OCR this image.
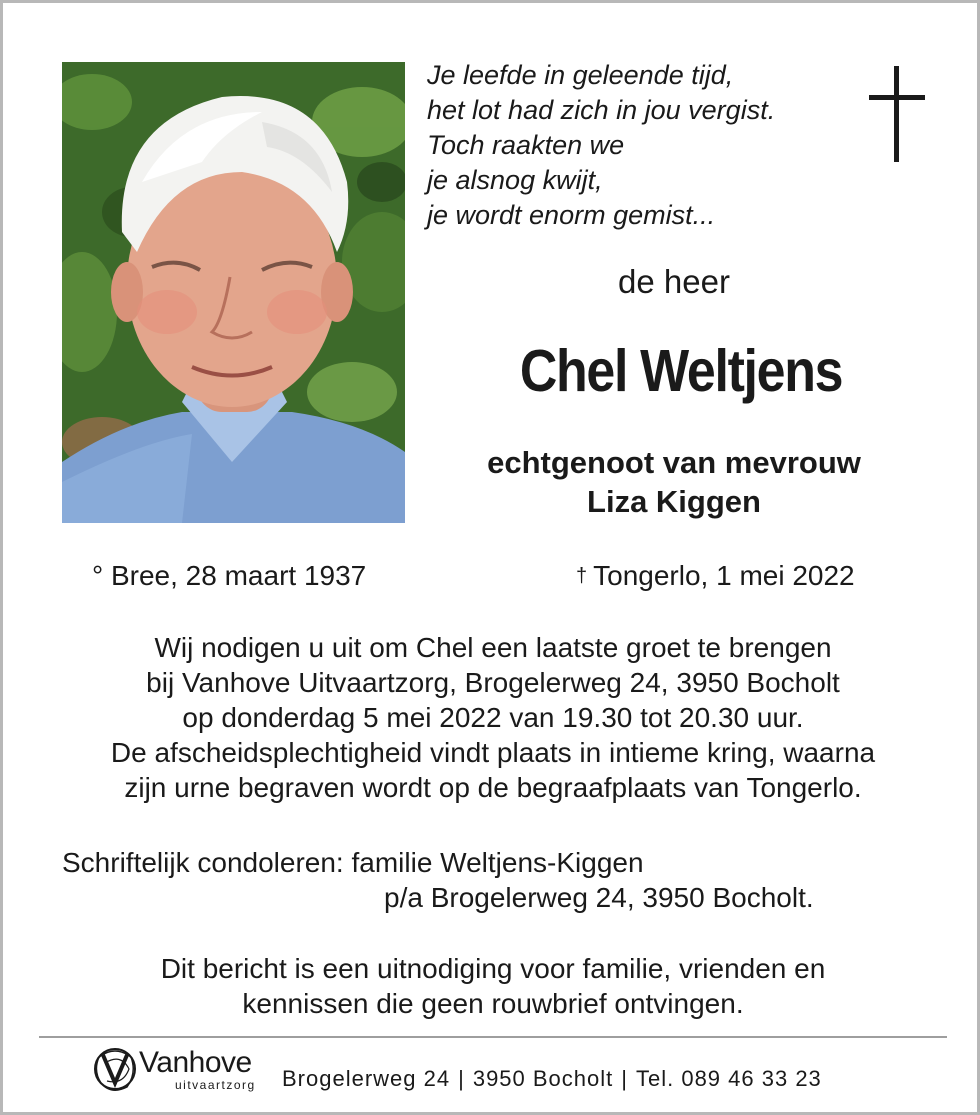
Je leefde in geleende tijd,
het lot had zich in jou vergist.
Toch raakten we
je alsnog kwijt,
je wordt enorm gemist...
de heer
Chel Weltjens
echtgenoot van mevrouw
Liza Kiggen
° Bree, 28 maart 1937	† Tongerlo, 1 mei 2022
Wij nodigen u uit om Chel een laatste groet te brengen
bij Vanhove Uitvaartzorg, Brogelerweg 24, 3950 Bocholt
op donderdag 5 mei 2022 van 19.30 tot 20.30 uur.
De afscheidsplechtigheid vindt plaats in intieme kring, waarna
zijn urne begraven wordt op de begraafplaats van Tongerlo.
Schriftelijk condoleren: familie Weltjens-Kiggen
p/a Brogelerweg 24, 3950 Bocholt.
Dit bericht is een uitnodiging voor familie, vrienden en
kennissen die geen rouwbrief ontvingen.
Vanhove
uitvaartzorg Brogelerweg 24 | 3950 Bocholt | Tel. 089 46 33 23
